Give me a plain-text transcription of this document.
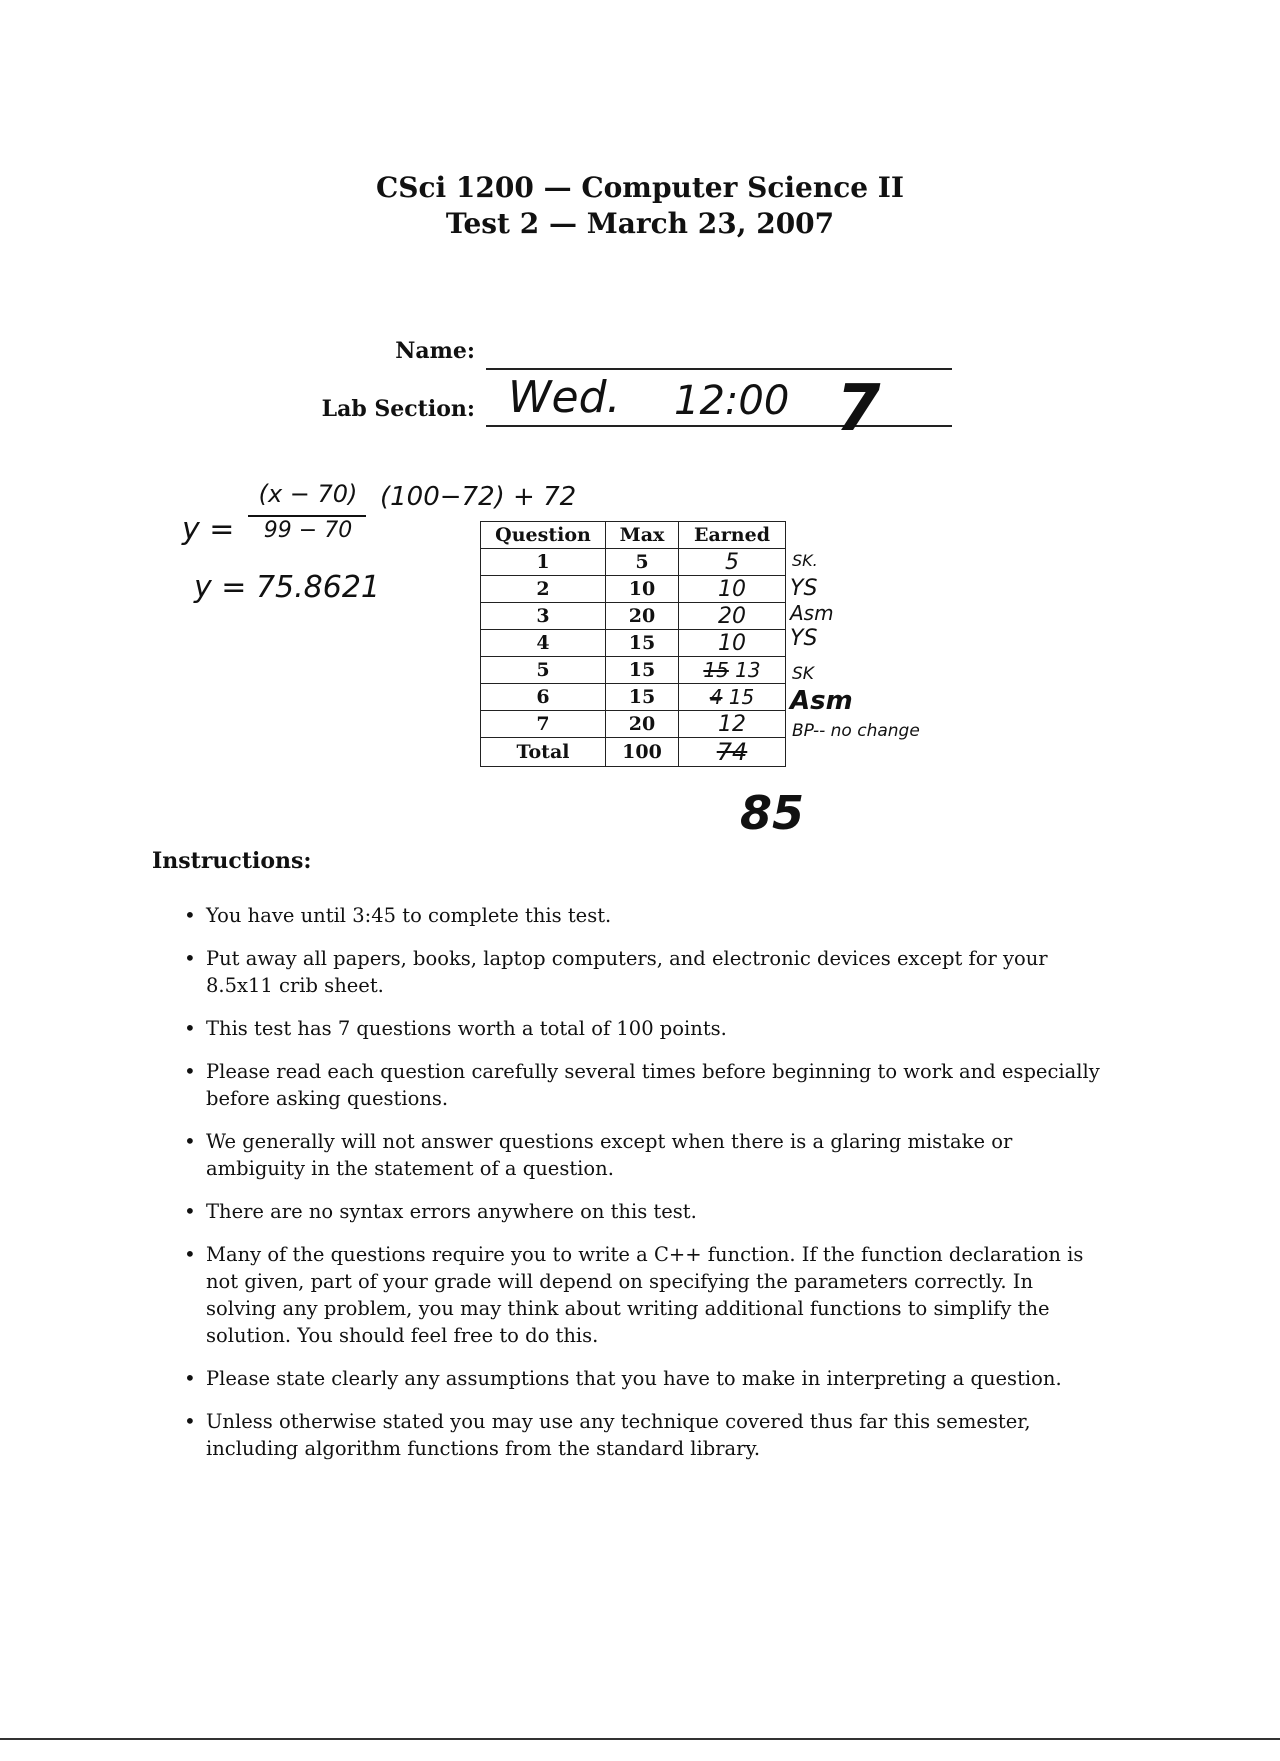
CSci 1200 — Computer Science II
Test 2 — March 23, 2007
Name:
Lab Section: Wed. 12:00 7
y =
(x − 70)
99 − 70
(100−72) + 72
y = 75.8621
Question	Max	Earned
1	5	5
2	10	10
3	20	20
4	15	10
5	15	15 13
6	15	4 15
7	20	12
Total	100	74
SK.
YS
Asm
YS
SK
Asm
BP-- no change
85
Instructions:
• You have until 3:45 to complete this test.
• Put away all papers, books, laptop computers, and electronic devices except for your 8.5x11 crib sheet.
• This test has 7 questions worth a total of 100 points.
• Please read each question carefully several times before beginning to work and especially before asking questions.
• We generally will not answer questions except when there is a glaring mistake or ambiguity in the statement of a question.
• There are no syntax errors anywhere on this test.
• Many of the questions require you to write a C++ function. If the function declaration is not given, part of your grade will depend on specifying the parameters correctly. In solving any problem, you may think about writing additional functions to simplify the solution. You should feel free to do this.
• Please state clearly any assumptions that you have to make in interpreting a question.
• Unless otherwise stated you may use any technique covered thus far this semester, including algorithm functions from the standard library.
